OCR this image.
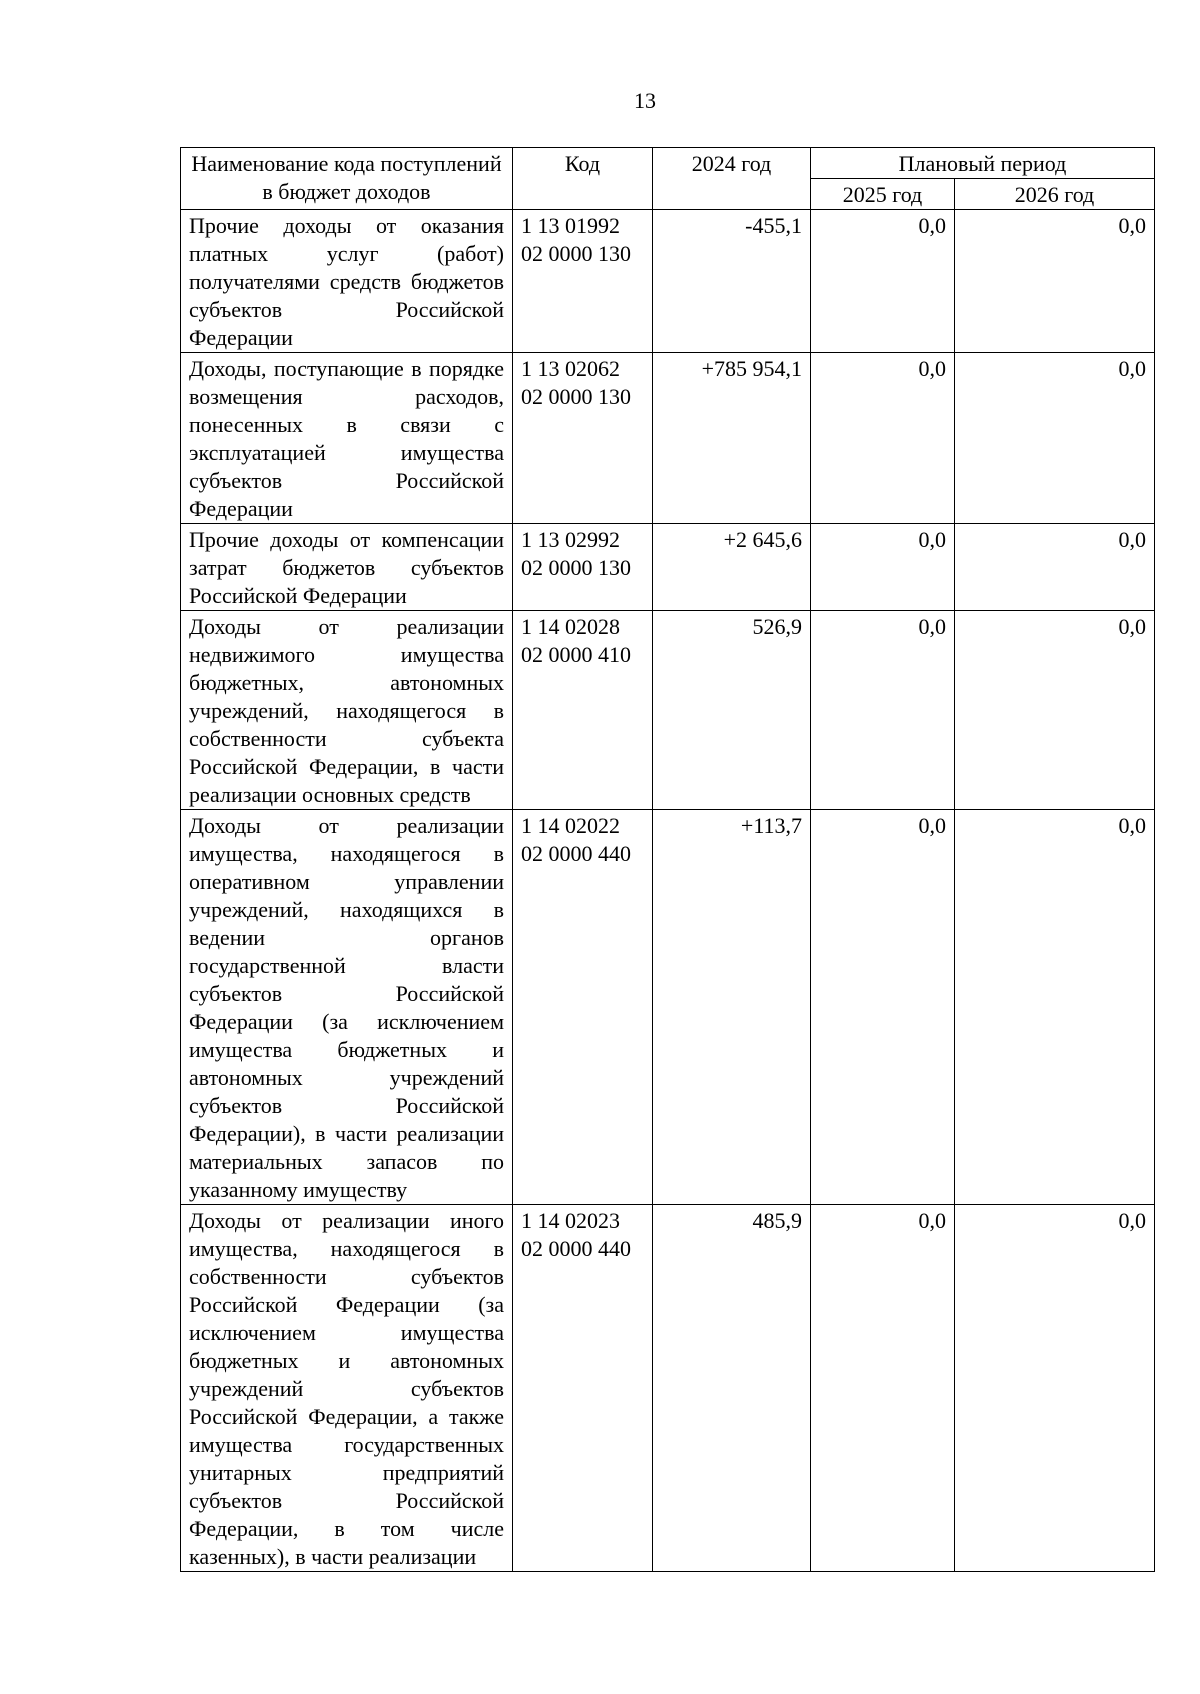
13
Наименование кода поступлений в бюджет доходов	Код	2024 год	Плановый период	
			2025 год	2026 год
Прочие доходы от оказания платных услуг (работ) получателями средств бюджетов субъектов Российской Федерации	1 13 01992 02 0000 130	-455,1	0,0	0,0
Доходы, поступающие в порядке возмещения расходов, понесенных в связи с эксплуатацией имущества субъектов Российской Федерации	1 13 02062 02 0000 130	+785 954,1	0,0	0,0
Прочие доходы от компенсации затрат бюджетов субъектов Российской Федерации	1 13 02992 02 0000 130	+2 645,6	0,0	0,0
Доходы от реализации недвижимого имущества бюджетных, автономных учреждений, находящегося в собственности субъекта Российской Федерации, в части реализации основных средств	1 14 02028 02 0000 410	526,9	0,0	0,0
Доходы от реализации имущества, находящегося в оперативном управлении учреждений, находящихся в ведении органов государственной власти субъектов Российской Федерации (за исключением имущества бюджетных и автономных учреждений субъектов Российской Федерации), в части реализации материальных запасов по указанному имуществу	1 14 02022 02 0000 440	+113,7	0,0	0,0
Доходы от реализации иного имущества, находящегося в собственности субъектов Российской Федерации (за исключением имущества бюджетных и автономных учреждений субъектов Российской Федерации, а также имущества государственных унитарных предприятий субъектов Российской Федерации, в том числе казенных), в части реализации	1 14 02023 02 0000 440	485,9	0,0	0,0
